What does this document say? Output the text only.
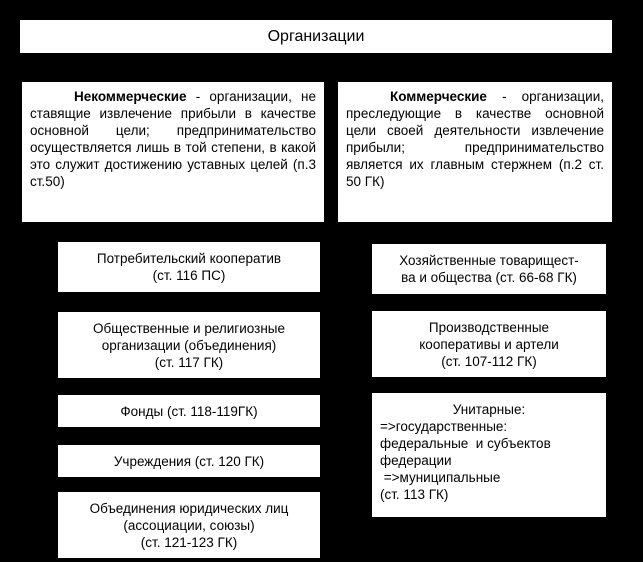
Организации
Некоммерческие - организации, не ставящие извлечение прибыли в качестве основной цели; предпринимательство осуществляется лишь в той степени, в какой это служит достижению уставных целей (п.3 ст.50)
Коммерческие - организации, преследующие в качестве основной цели своей деятельности извлечение прибыли; предпринимательство является их главным стержнем (п.2 ст. 50 ГК)
Потребительский кооператив
(ст. 116 ПС)
Общественные и религиозные
организации (объединения)
(ст. 117 ГК)
Фонды (ст. 118-119ГК)
Учреждения (ст. 120 ГК)
Объединения юридических лиц
(ассоциации, союзы)
(ст. 121-123 ГК)
Хозяйственные товарищест-
ва и общества (ст. 66-68 ГК)
Производственные
кооперативы и артели
(ст. 107-112 ГК)
Унитарные:
=>государственные:
федеральные  и субъектов
федерации
=>муниципальные
(ст. 113 ГК)
